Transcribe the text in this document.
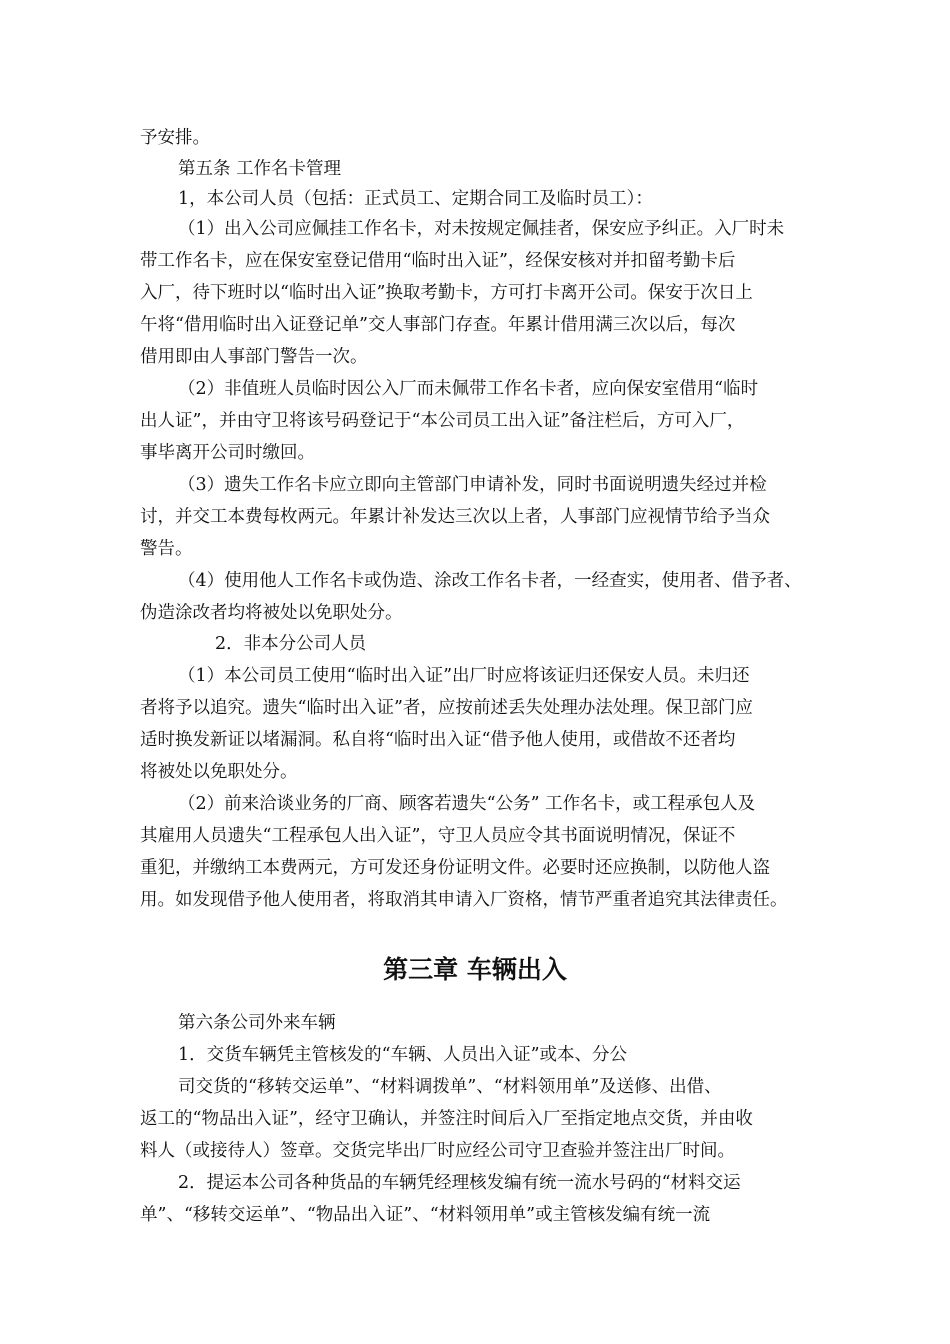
予安排。
第五条 工作名卡管理
1，本公司人员（包括：正式员工、定期合同工及临时员工）：
（1）出入公司应佩挂工作名卡，对未按规定佩挂者，保安应予纠正。入厂时未
带工作名卡，应在保安室登记借用“临时出入证”，经保安核对并扣留考勤卡后
入厂，待下班时以“临时出入证”换取考勤卡，方可打卡离开公司。保安于次日上
午将“借用临时出入证登记单”交人事部门存查。年累计借用满三次以后，每次
借用即由人事部门警告一次。
（2）非值班人员临时因公入厂而未佩带工作名卡者，应向保安室借用“临时
出人证”，并由守卫将该号码登记于“本公司员工出入证”备注栏后，方可入厂，
事毕离开公司时缴回。
（3）遗失工作名卡应立即向主管部门申请补发，同时书面说明遗失经过并检
讨，并交工本费每枚两元。年累计补发达三次以上者，人事部门应视情节给予当众
警告。
（4）使用他人工作名卡或伪造、涂改工作名卡者，一经查实，使用者、借予者、
伪造涂改者均将被处以免职处分。
2．非本分公司人员
（1）本公司员工使用“临时出入证”出厂时应将该证归还保安人员。未归还
者将予以追究。遗失“临时出入证”者，应按前述丢失处理办法处理。保卫部门应
适时换发新证以堵漏洞。私自将“临时出入证“借予他人使用，或借故不还者均
将被处以免职处分。
（2）前来洽谈业务的厂商、顾客若遗失“公务” 工作名卡，或工程承包人及
其雇用人员遗失“工程承包人出入证”，守卫人员应令其书面说明情况，保证不
重犯，并缴纳工本费两元，方可发还身份证明文件。必要时还应换制，以防他人盗
用。如发现借予他人使用者，将取消其申请入厂资格，情节严重者追究其法律责任。
第三章 车辆出入
第六条公司外来车辆
1．交货车辆凭主管核发的“车辆、人员出入证”或本、分公
司交货的“移转交运单”、“材料调拨单”、“材料领用单”及送修、出借、
返工的“物品出入证”，经守卫确认，并签注时间后入厂至指定地点交货，并由收
料人（或接待人）签章。交货完毕出厂时应经公司守卫查验并签注出厂时间。
2．提运本公司各种货品的车辆凭经理核发编有统一流水号码的“材料交运
单”、“移转交运单”、“物品出入证”、“材料领用单”或主管核发编有统一流
